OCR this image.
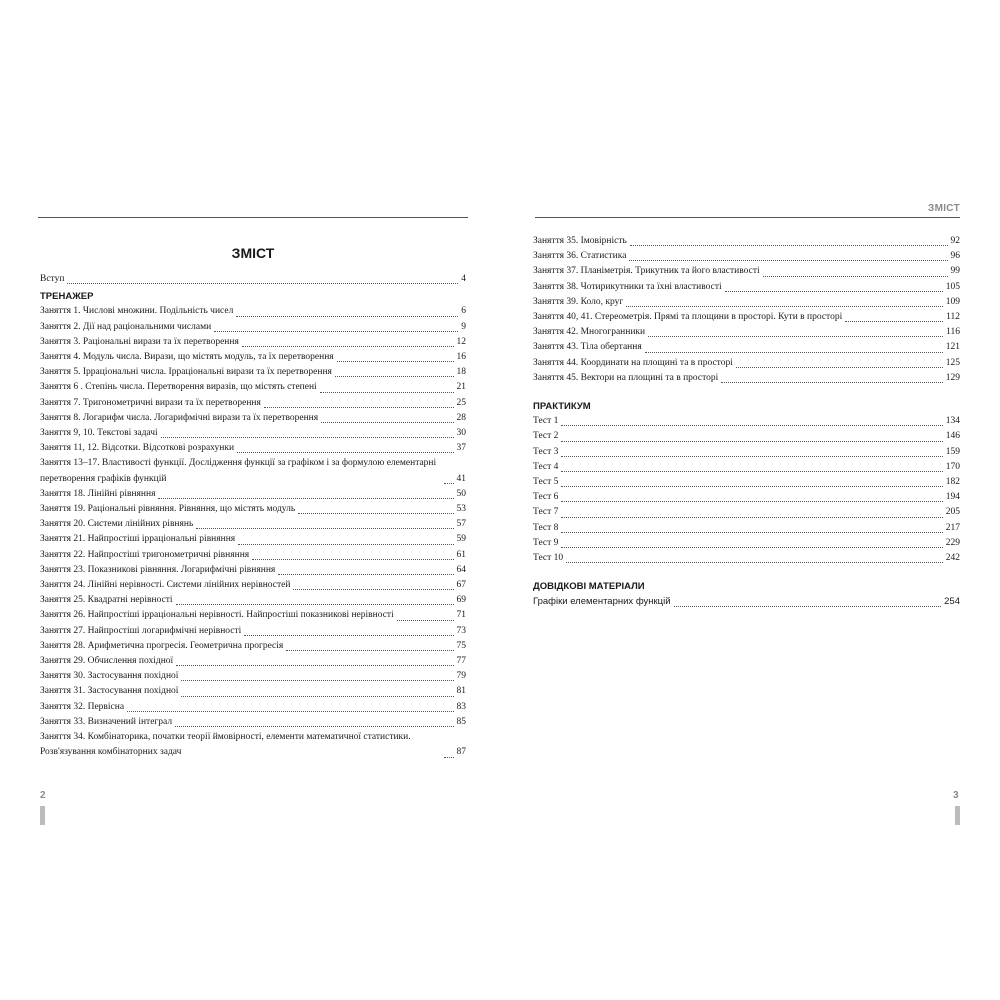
ЗМІСТ
Вступ	4
ТРЕНАЖЕР
Заняття 1. Числові множини. Подільність чисел	6
Заняття 2. Дії над раціональними числами	9
Заняття 3. Раціональні вирази та їх перетворення	12
Заняття 4. Модуль числа. Вирази, що містять модуль, та їх перетворення	16
Заняття 5. Ірраціональні числа. Ірраціональні вирази та їх перетворення	18
Заняття 6 . Степінь числа. Перетворення виразів, що містять степені	21
Заняття 7. Тригонометричні вирази та їх перетворення	25
Заняття 8. Логарифм числа. Логарифмічні вирази та їх перетворення	28
Заняття 9, 10. Текстові задачі	30
Заняття 11, 12. Відсотки. Відсоткові розрахунки	37
Заняття 13–17. Властивості функції. Дослідження функції за графіком і за формулою елементарні перетворення графіків функцій	41
Заняття 18. Лінійні рівняння	50
Заняття 19. Раціональні рівняння. Рівняння, що містять модуль	53
Заняття 20. Системи лінійних рівнянь	57
Заняття 21. Найпростіші ірраціональні рівняння	59
Заняття 22. Найпростіші тригонометричні рівняння	61
Заняття 23. Показникові рівняння. Логарифмічні рівняння	64
Заняття 24. Лінійні нерівності. Системи лінійних нерівностей	67
Заняття 25. Квадратні нерівності	69
Заняття 26. Найпростіші ірраціональні нерівності. Найпростіші показникові нерівності	71
Заняття 27. Найпростіші логарифмічні нерівності	73
Заняття 28. Арифметична прогресія. Геометрична прогресія	75
Заняття 29. Обчислення похідної	77
Заняття 30. Застосування похідної	79
Заняття 31. Застосування похідної	81
Заняття 32. Первісна	83
Заняття 33. Визначений інтеграл	85
Заняття 34. Комбінаторика, початки теорії ймовірності, елементи математичної статистики. Розв'язування комбінаторних задач	87
2
ЗМІСТ
Заняття 35. Імовірність	92
Заняття 36. Статистика	96
Заняття 37. Планіметрія. Трикутник та його властивості	99
Заняття 38. Чотирикутники та їхні властивості	105
Заняття 39. Коло, круг	109
Заняття 40, 41. Стереометрія. Прямі та площини в просторі. Кути в просторі	112
Заняття 42. Многогранники	116
Заняття 43. Тіла обертання	121
Заняття 44. Координати на площині та в просторі	125
Заняття 45. Вектори на площині та в просторі	129
ПРАКТИКУМ
Тест 1	134
Тест 2	146
Тест 3	159
Тест 4	170
Тест 5	182
Тест 6	194
Тест 7	205
Тест 8	217
Тест 9	229
Тест 10	242
ДОВІДКОВІ МАТЕРІАЛИ
Графіки елементарних функцій	254
3
